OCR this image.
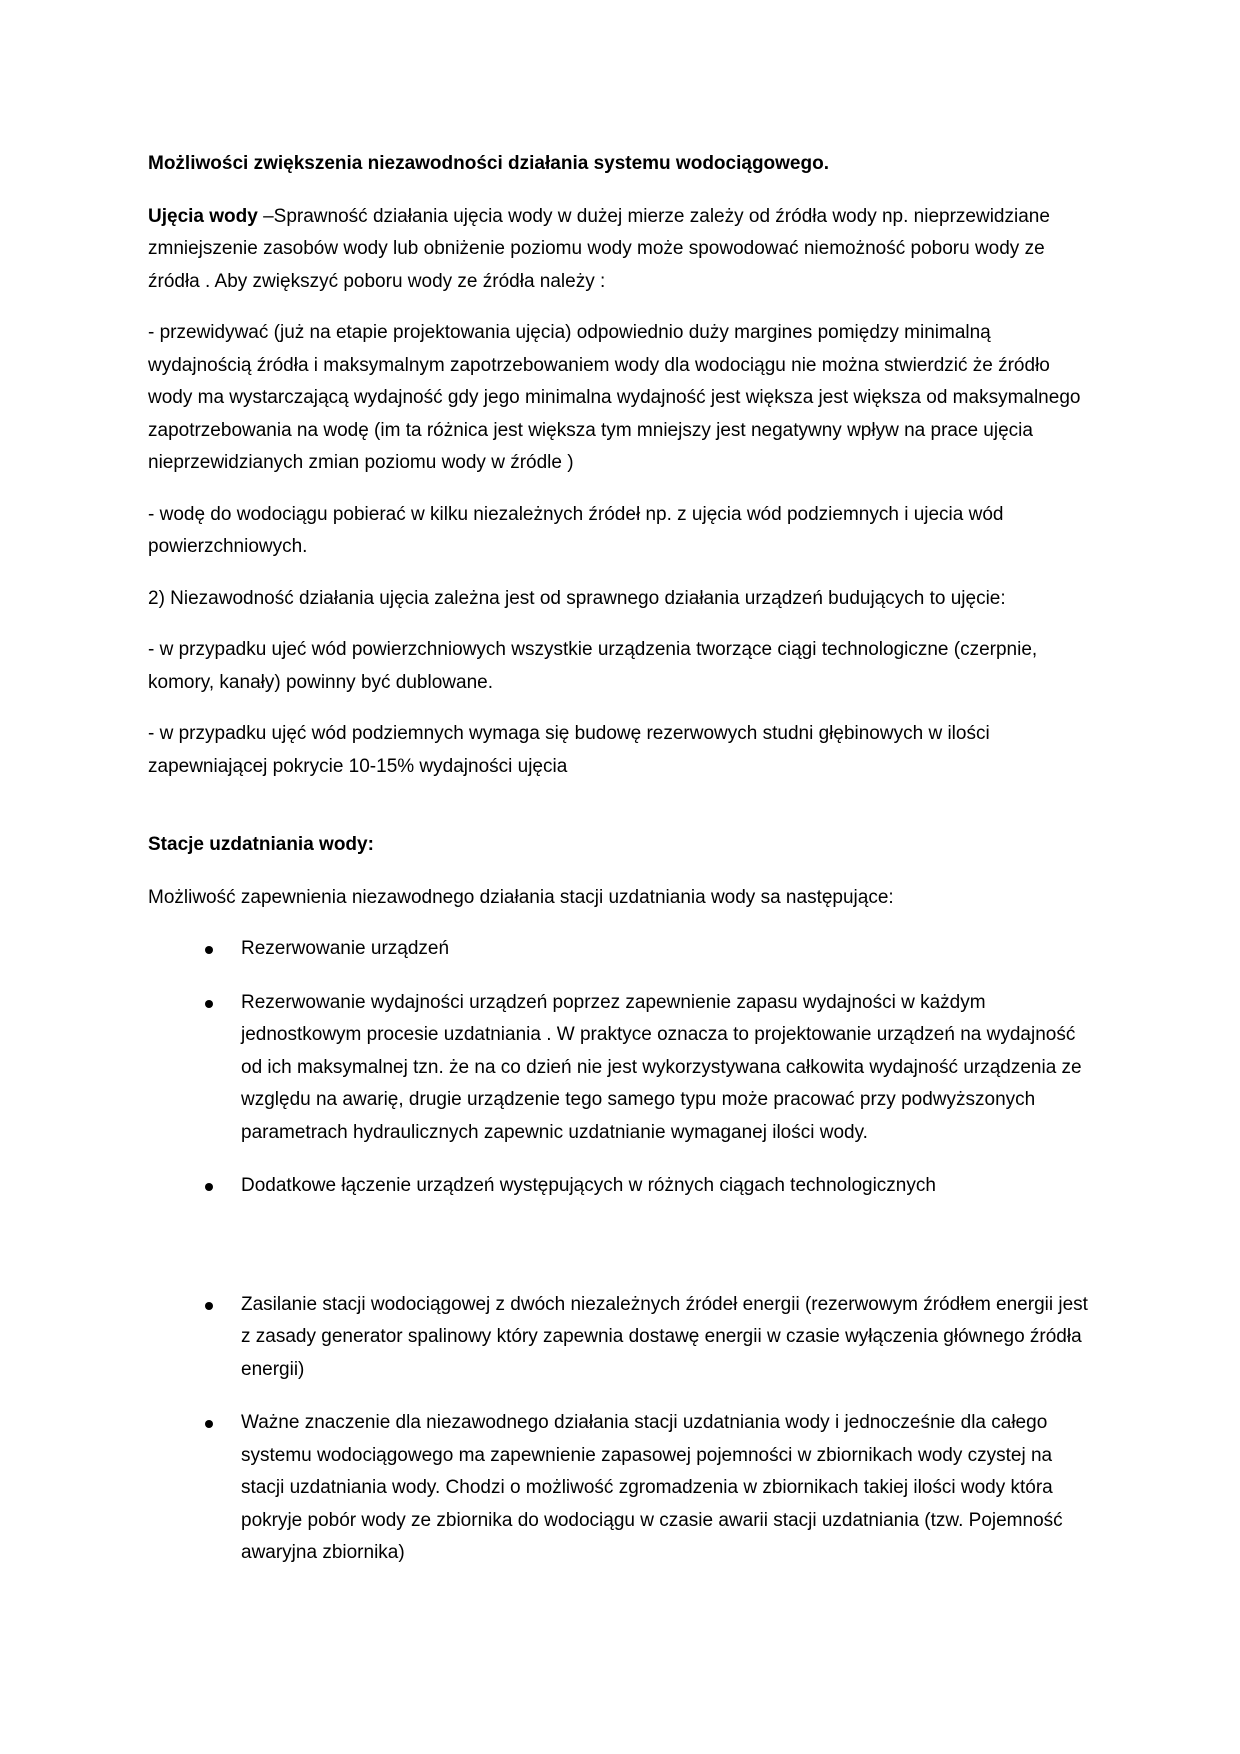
Możliwości zwiększenia niezawodności działania systemu wodociągowego.

Ujęcia wody –Sprawność działania ujęcia wody w dużej mierze zależy od źródła wody np. nieprzewidziane zmniejszenie zasobów wody lub obniżenie poziomu wody może spowodować niemożność poboru wody ze źródła . Aby zwiększyć poboru wody ze źródła należy :

- przewidywać (już na etapie projektowania ujęcia) odpowiednio duży margines pomiędzy minimalną wydajnością źródła i maksymalnym zapotrzebowaniem wody dla wodociągu nie można stwierdzić że źródło wody ma wystarczającą wydajność gdy jego minimalna wydajność jest większa jest większa od maksymalnego zapotrzebowania na wodę (im ta różnica jest większa tym mniejszy jest negatywny wpływ na prace ujęcia nieprzewidzianych zmian poziomu wody w źródle )

- wodę do wodociągu pobierać w kilku niezależnych źródeł np. z ujęcia wód podziemnych i ujecia wód powierzchniowych.

2) Niezawodność działania ujęcia zależna jest od sprawnego działania urządzeń budujących to ujęcie:

- w przypadku ujeć wód powierzchniowych wszystkie urządzenia tworzące ciągi technologiczne (czerpnie, komory, kanały) powinny być dublowane.

- w przypadku ujęć wód podziemnych wymaga się budowę rezerwowych studni głębinowych w ilości zapewniającej pokrycie 10-15% wydajności ujęcia

Stacje uzdatniania wody:

Możliwość zapewnienia niezawodnego działania stacji uzdatniania wody sa następujące:

Rezerwowanie urządzeń
Rezerwowanie wydajności urządzeń poprzez zapewnienie zapasu wydajności w każdym jednostkowym procesie uzdatniania . W praktyce oznacza to projektowanie urządzeń na wydajność od ich maksymalnej tzn. że na co dzień nie jest wykorzystywana całkowita wydajność urządzenia ze względu na awarię, drugie urządzenie tego samego typu może pracować przy podwyższonych parametrach hydraulicznych zapewnic uzdatnianie wymaganej ilości wody.
Dodatkowe łączenie urządzeń występujących w różnych ciągach technologicznych
Zasilanie stacji wodociągowej z dwóch niezależnych źródeł energii (rezerwowym źródłem energii jest z zasady generator spalinowy który zapewnia dostawę energii w czasie wyłączenia głównego źródła energii)
Ważne znaczenie dla niezawodnego działania stacji uzdatniania wody i jednocześnie dla całego systemu wodociągowego ma zapewnienie zapasowej pojemności w zbiornikach wody czystej na stacji uzdatniania wody. Chodzi o możliwość zgromadzenia w zbiornikach takiej ilości wody która pokryje pobór wody ze zbiornika do wodociągu w czasie awarii stacji uzdatniania (tzw. Pojemność awaryjna zbiornika)
